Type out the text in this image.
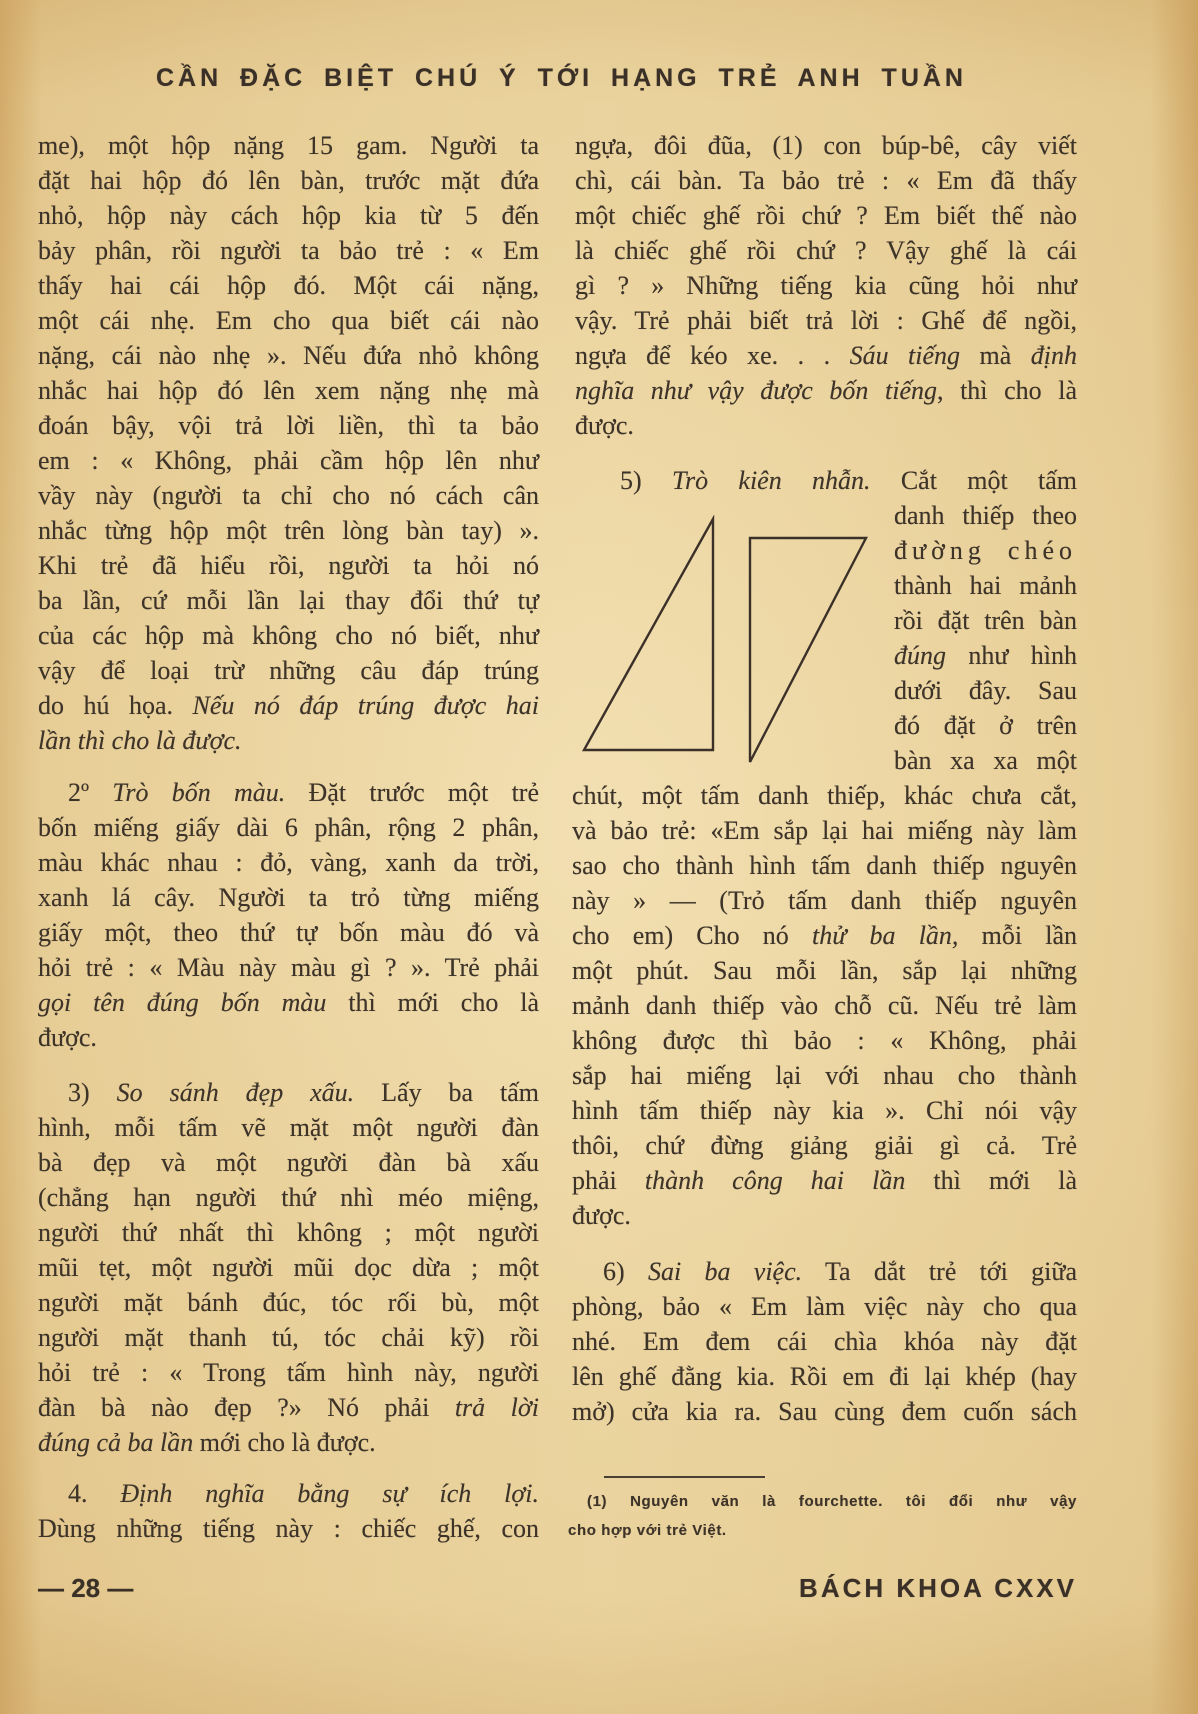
CẦN ĐẶC BIỆT CHÚ Ý TỚI HẠNG TRẺ ANH TUẦN
me), một hộp nặng 15 gam. Người ta
đặt hai hộp đó lên bàn, trước mặt đứa
nhỏ, hộp này cách hộp kia từ 5 đến
bảy phân, rồi người ta bảo trẻ : « Em
thấy hai cái hộp đó. Một cái nặng,
một cái nhẹ. Em cho qua biết cái nào
nặng, cái nào nhẹ ». Nếu đứa nhỏ không
nhắc hai hộp đó lên xem nặng nhẹ mà
đoán bậy, vội trả lời liền, thì ta bảo
em : « Không, phải cầm hộp lên như
vầy này (người ta chỉ cho nó cách cân
nhắc từng hộp một trên lòng bàn tay) ».
Khi trẻ đã hiểu rồi, người ta hỏi nó
ba lần, cứ mỗi lần lại thay đổi thứ tự
của các hộp mà không cho nó biết, như
vậy để loại trừ những câu đáp trúng
do hú họa. Nếu nó đáp trúng được hai
lần thì cho là được.
2º Trò bốn màu. Đặt trước một trẻ
bốn miếng giấy dài 6 phân, rộng 2 phân,
màu khác nhau : đỏ, vàng, xanh da trời,
xanh lá cây. Người ta trỏ từng miếng
giấy một, theo thứ tự bốn màu đó và
hỏi trẻ : « Màu này màu gì ? ». Trẻ phải
gọi tên đúng bốn màu thì mới cho là
được.
3) So sánh đẹp xấu. Lấy ba tấm
hình, mỗi tấm vẽ mặt một người đàn
bà đẹp và một người đàn bà xấu
(chẳng hạn người thứ nhì méo miệng,
người thứ nhất thì không ; một người
mũi tẹt, một người mũi dọc dừa ; một
người mặt bánh đúc, tóc rối bù, một
người mặt thanh tú, tóc chải kỹ) rồi
hỏi trẻ : « Trong tấm hình này, người
đàn bà nào đẹp ?» Nó phải trả lời
đúng cả ba lần mới cho là được.
4. Định nghĩa bằng sự ích lợi.
Dùng những tiếng này : chiếc ghế, con
ngựa, đôi đũa, (1) con búp-bê, cây viết
chì, cái bàn. Ta bảo trẻ : « Em đã thấy
một chiếc ghế rồi chứ ? Em biết thế nào
là chiếc ghế rồi chứ ? Vậy ghế là cái
gì ? » Những tiếng kia cũng hỏi như
vậy. Trẻ phải biết trả lời : Ghế để ngồi,
ngựa để kéo xe. . . Sáu tiếng mà định
nghĩa như vậy được bốn tiếng, thì cho là
được.
5) Trò kiên nhẫn. Cắt một tấm
danh thiếp theo
đường chéo
thành hai mảnh
rồi đặt trên bàn
đúng như hình
dưới đây. Sau
đó đặt ở trên
bàn xa xa một
chút, một tấm danh thiếp, khác chưa cắt,
và bảo trẻ: «Em sắp lại hai miếng này làm
sao cho thành hình tấm danh thiếp nguyên
này » — (Trỏ tấm danh thiếp nguyên
cho em) Cho nó thử ba lần, mỗi lần
một phút. Sau mỗi lần, sắp lại những
mảnh danh thiếp vào chỗ cũ. Nếu trẻ làm
không được thì bảo : « Không, phải
sắp hai miếng lại với nhau cho thành
hình tấm thiếp này kia ». Chỉ nói vậy
thôi, chứ đừng giảng giải gì cả. Trẻ
phải thành công hai lần thì mới là
được.
6) Sai ba việc. Ta dắt trẻ tới giữa
phòng, bảo « Em làm việc này cho qua
nhé. Em đem cái chìa khóa này đặt
lên ghế đằng kia. Rồi em đi lại khép (hay
mở) cửa kia ra. Sau cùng đem cuốn sách
(1) Nguyên văn là fourchette. tôi đổi như vậy
cho hợp với trẻ Việt.
— 28 —	BÁCH KHOA CXXV
